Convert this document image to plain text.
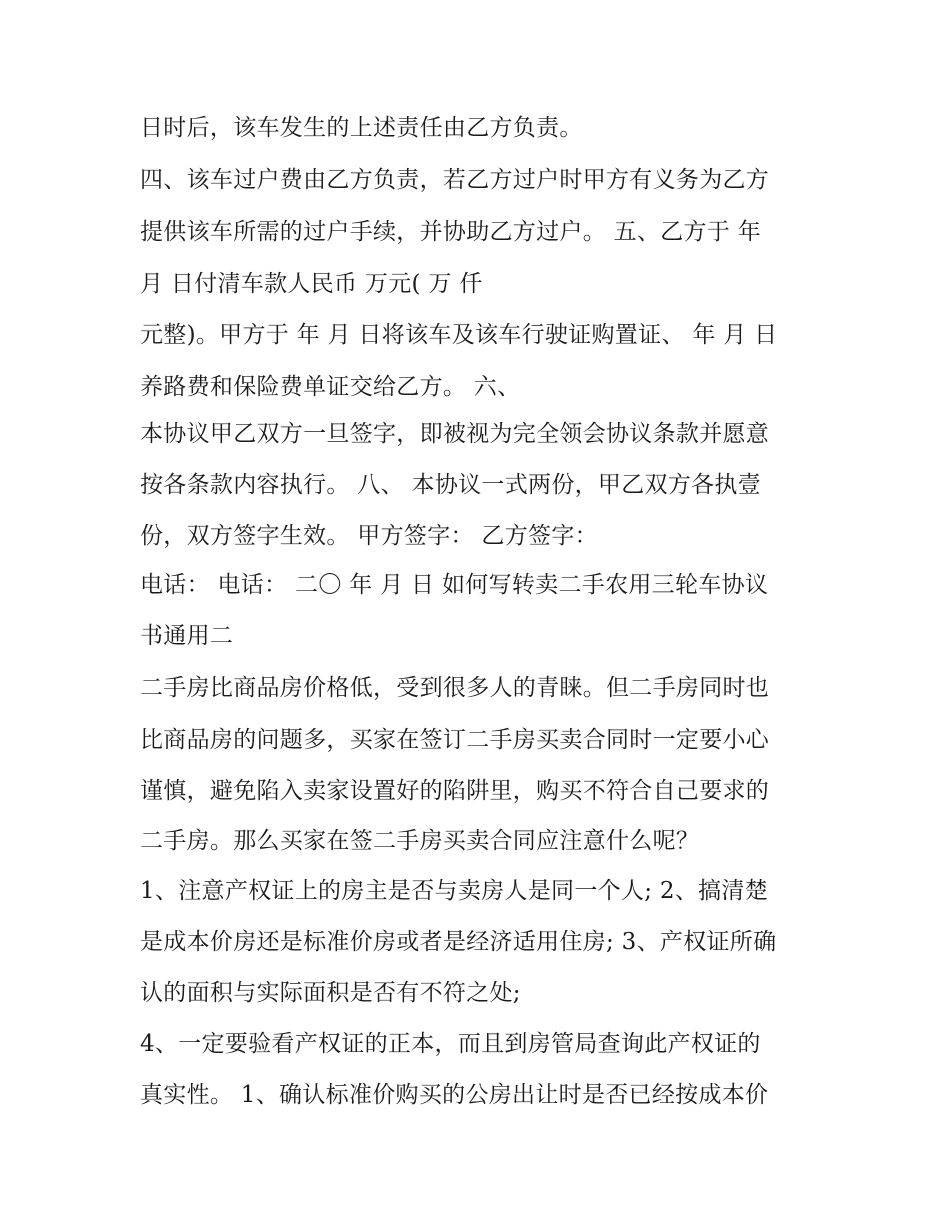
日时后，该车发生的上述责任由乙方负责。

四、该车过户费由乙方负责，若乙方过户时甲方有义务为乙方

提供该车所需的过户手续，并协助乙方过户。 五、乙方于 年

月 日付清车款人民币 万元( 万 仟

元整)。甲方于 年 月 日将该车及该车行驶证购置证、 年 月 日

养路费和保险费单证交给乙方。 六、

本协议甲乙双方一旦签字，即被视为完全领会协议条款并愿意

按各条款内容执行。 八、 本协议一式两份，甲乙双方各执壹

份，双方签字生效。 甲方签字： 乙方签字：

电话： 电话： 二〇 年 月 日 如何写转卖二手农用三轮车协议

书通用二

二手房比商品房价格低，受到很多人的青睐。但二手房同时也

比商品房的问题多，买家在签订二手房买卖合同时一定要小心

谨慎，避免陷入卖家设置好的陷阱里，购买不符合自己要求的

二手房。那么买家在签二手房买卖合同应注意什么呢？

1、注意产权证上的房主是否与卖房人是同一个人; 2、搞清楚

是成本价房还是标准价房或者是经济适用住房; 3、产权证所确

认的面积与实际面积是否有不符之处;

4、一定要验看产权证的正本，而且到房管局查询此产权证的

真实性。 1、确认标准价购买的公房出让时是否已经按成本价
